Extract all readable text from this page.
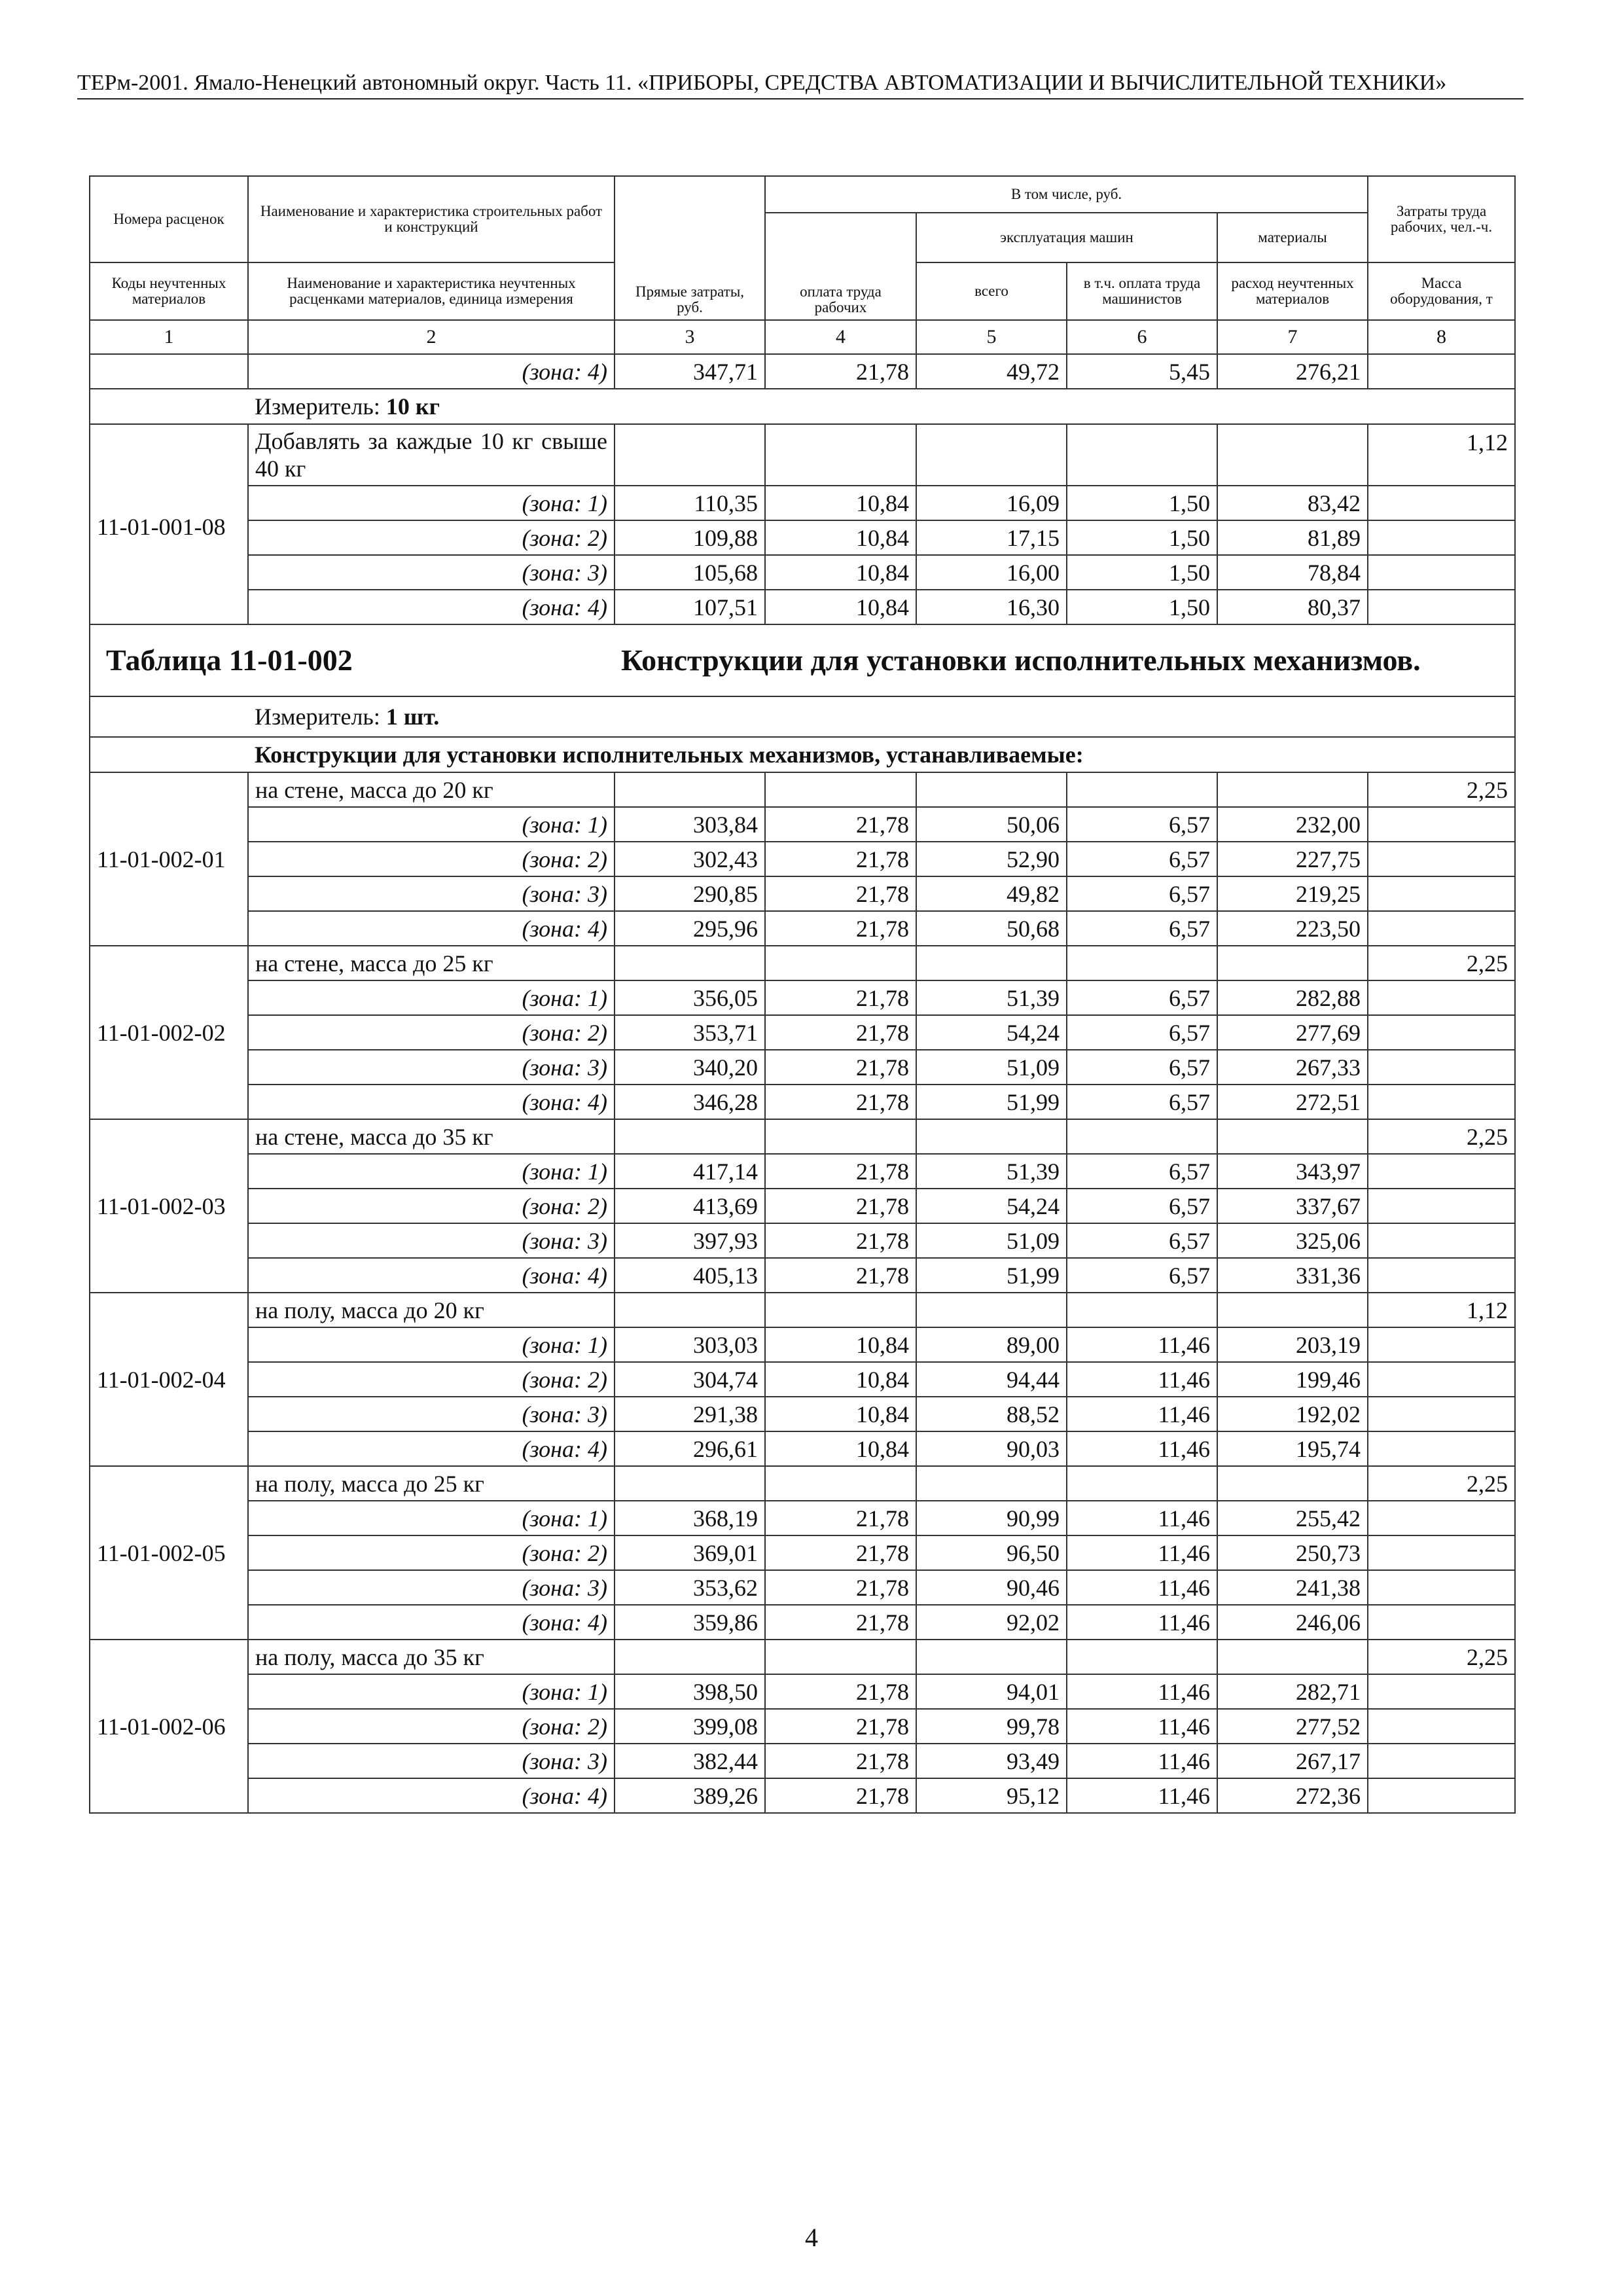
ТЕРм-2001. Ямало-Ненецкий автономный округ. Часть 11. «ПРИБОРЫ, СРЕДСТВА АВТОМАТИЗАЦИИ И ВЫЧИСЛИТЕЛЬНОЙ ТЕХНИКИ»
Номера расценок	Наименование и характеристика строительных работ и конструкций	Прямые затраты, руб.	В том числе, руб.				Затраты труда рабочих, чел.-ч.
			оплата труда рабочих	эксплуатация машин		материалы	
Коды неучтенных материалов	Наименование и характеристика неучтенных расценками материалов, единица измерения			всего	в т.ч. оплата труда машинистов	расход неучтенных материалов	Масса оборудования, т
1	2	3	4	5	6	7	8
	(зона: 4)	347,71	21,78	49,72	5,45	276,21	
	Измеритель: 10 кг						
11-01-001-08	Добавлять за каждые 10 кг свыше 40 кг						1,12
	(зона: 1)	110,35	10,84	16,09	1,50	83,42	
	(зона: 2)	109,88	10,84	17,15	1,50	81,89	
	(зона: 3)	105,68	10,84	16,00	1,50	78,84	
	(зона: 4)	107,51	10,84	16,30	1,50	80,37	
Таблица 11-01-002		Конструкции для установки исполнительных механизмов.					
	Измеритель: 1 шт.						
	Конструкции для установки исполнительных механизмов, устанавливаемые:						
11-01-002-01	на стене, масса до 20 кг						2,25
	(зона: 1)	303,84	21,78	50,06	6,57	232,00	
	(зона: 2)	302,43	21,78	52,90	6,57	227,75	
	(зона: 3)	290,85	21,78	49,82	6,57	219,25	
	(зона: 4)	295,96	21,78	50,68	6,57	223,50	
11-01-002-02	на стене, масса до 25 кг						2,25
	(зона: 1)	356,05	21,78	51,39	6,57	282,88	
	(зона: 2)	353,71	21,78	54,24	6,57	277,69	
	(зона: 3)	340,20	21,78	51,09	6,57	267,33	
	(зона: 4)	346,28	21,78	51,99	6,57	272,51	
11-01-002-03	на стене, масса до 35 кг						2,25
	(зона: 1)	417,14	21,78	51,39	6,57	343,97	
	(зона: 2)	413,69	21,78	54,24	6,57	337,67	
	(зона: 3)	397,93	21,78	51,09	6,57	325,06	
	(зона: 4)	405,13	21,78	51,99	6,57	331,36	
11-01-002-04	на полу, масса до 20 кг						1,12
	(зона: 1)	303,03	10,84	89,00	11,46	203,19	
	(зона: 2)	304,74	10,84	94,44	11,46	199,46	
	(зона: 3)	291,38	10,84	88,52	11,46	192,02	
	(зона: 4)	296,61	10,84	90,03	11,46	195,74	
11-01-002-05	на полу, масса до 25 кг						2,25
	(зона: 1)	368,19	21,78	90,99	11,46	255,42	
	(зона: 2)	369,01	21,78	96,50	11,46	250,73	
	(зона: 3)	353,62	21,78	90,46	11,46	241,38	
	(зона: 4)	359,86	21,78	92,02	11,46	246,06	
11-01-002-06	на полу, масса до 35 кг						2,25
	(зона: 1)	398,50	21,78	94,01	11,46	282,71	
	(зона: 2)	399,08	21,78	99,78	11,46	277,52	
	(зона: 3)	382,44	21,78	93,49	11,46	267,17	
	(зона: 4)	389,26	21,78	95,12	11,46	272,36	
4
